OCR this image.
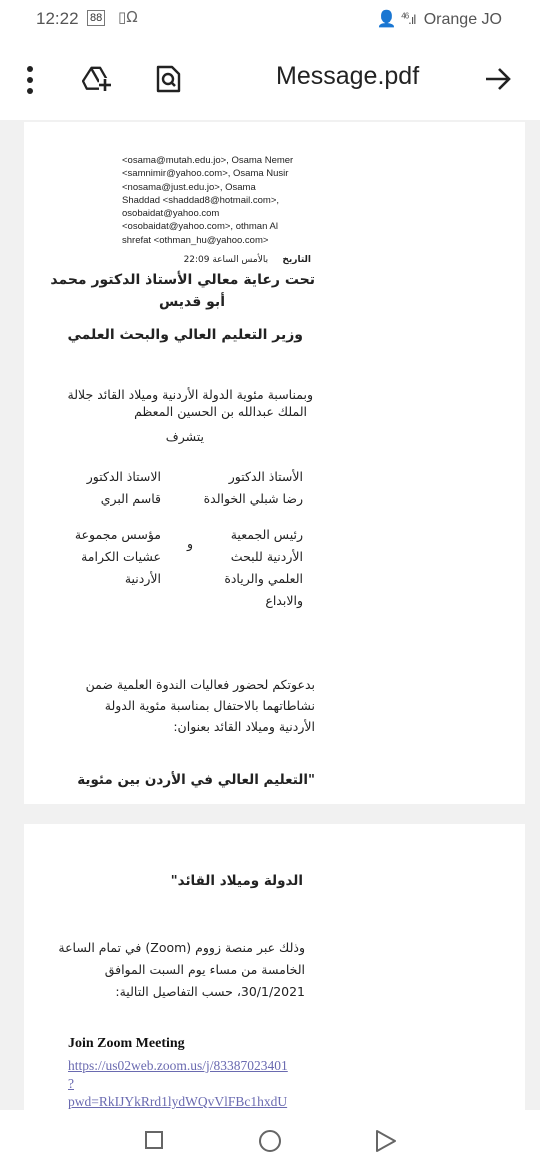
12:22 88 ▯​Ω	👤 $^{46}$.ıl Orange JO
Message.pdf
<osama@mutah.edu.jo>, Osama Nemer
<samnimir@yahoo.com>, Osama Nusir
<nosama@just.edu.jo>, Osama
Shaddad <shaddad8@hotmail.com>,
osobaidat@yahoo.com
<osobaidat@yahoo.com>, othman Al
shrefat <othman_hu@yahoo.com>
التاريخ     بالأمس الساعة 22:09
تحت رعاية معالي الأستاذ الدكتور محمد
أبو قديس
وزير التعليم العالي والبحث العلمي
وبمناسبة مئوية الدولة الأردنية وميلاد القائد جلالة
الملك عبدالله بن الحسين المعظم
يتشرف
الأستاذ الدكتور
رضا شبلي الخوالدة
رئيس الجمعية
الأردنية للبحث
العلمي والريادة
والابداع
و
الاستاذ الدكتور
قاسم البري
مؤسس مجموعة
عشيات الكرامة
الأردنية
بدعوتكم لحضور فعاليات الندوة العلمية ضمن
نشاطاتهما بالاحتفال بمناسبة مئوية الدولة
الأردنية وميلاد القائد بعنوان:
"التعليم العالي في الأردن بين مئوية
الدولة وميلاد القائد"
وذلك عبر منصة زووم (Zoom) في تمام الساعة
الخامسة من مساء يوم السبت الموافق
30/1/2021، حسب التفاصيل التالية:
Join Zoom Meeting
https://us02web.zoom.us/j/83387023401
?
pwd=RkIJYkRrd1lydWQvVlFBc1hxdU
